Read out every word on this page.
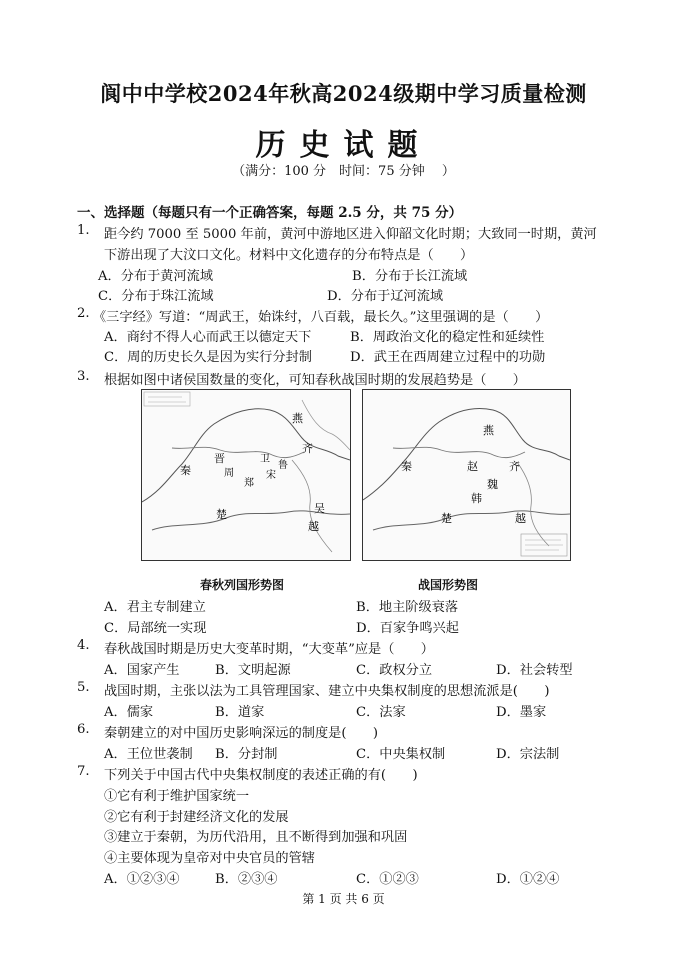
阆中中学校2024年秋高2024级期中学习质量检测
历史试题
（满分：100 分　时间：75 分钟　 ）
一、选择题（每题只有一个正确答案，每题 2.5 分，共 75 分）
1. 距今约 7000 至 5000 年前，黄河中游地区进入仰韶文化时期；大致同一时期，黄河
下游出现了大汶口文化。材料中文化遗存的分布特点是（　　）
A．分布于黄河流域	B．分布于长江流域
C．分布于珠江流域	D．分布于辽河流域
2. 《三字经》写道：“周武王，始诛纣，八百载，最长久。”这里强调的是（　　）
A．商纣不得人心而武王以德定天下	B．周政治文化的稳定性和延续性
C．周的历史长久是因为实行分封制	D．武王在西周建立过程中的功勋
3. 根据如图中诸侯国数量的变化，可知春秋战国时期的发展趋势是（　　）
燕
齐
晋	卫
鲁
宋
周
郑
秦
楚	吴
越
燕
赵
魏
齐
韩
秦
楚	越
春秋列国形势图	战国形势图
A．君主专制建立	B．地主阶级衰落
C．局部统一实现	D．百家争鸣兴起
4. 春秋战国时期是历史大变革时期，“大变革”应是（　　）
A．国家产生	B．文明起源	C．政权分立	D．社会转型
5. 战国时期，主张以法为工具管理国家、建立中央集权制度的思想流派是(　　)
A．儒家	B．道家	C．法家	D．墨家
6. 秦朝建立的对中国历史影响深远的制度是(　　)
A．王位世袭制 B．分封制	C．中央集权制	D．宗法制
7. 下列关于中国古代中央集权制度的表述正确的有(　　)
①它有利于维护国家统一
②它有利于封建经济文化的发展
③建立于秦朝，为历代沿用，且不断得到加强和巩固
④主要体现为皇帝对中央官员的管辖
A．①②③④	B．②③④	C．①②③	D．①②④
第 1 页 共 6 页
